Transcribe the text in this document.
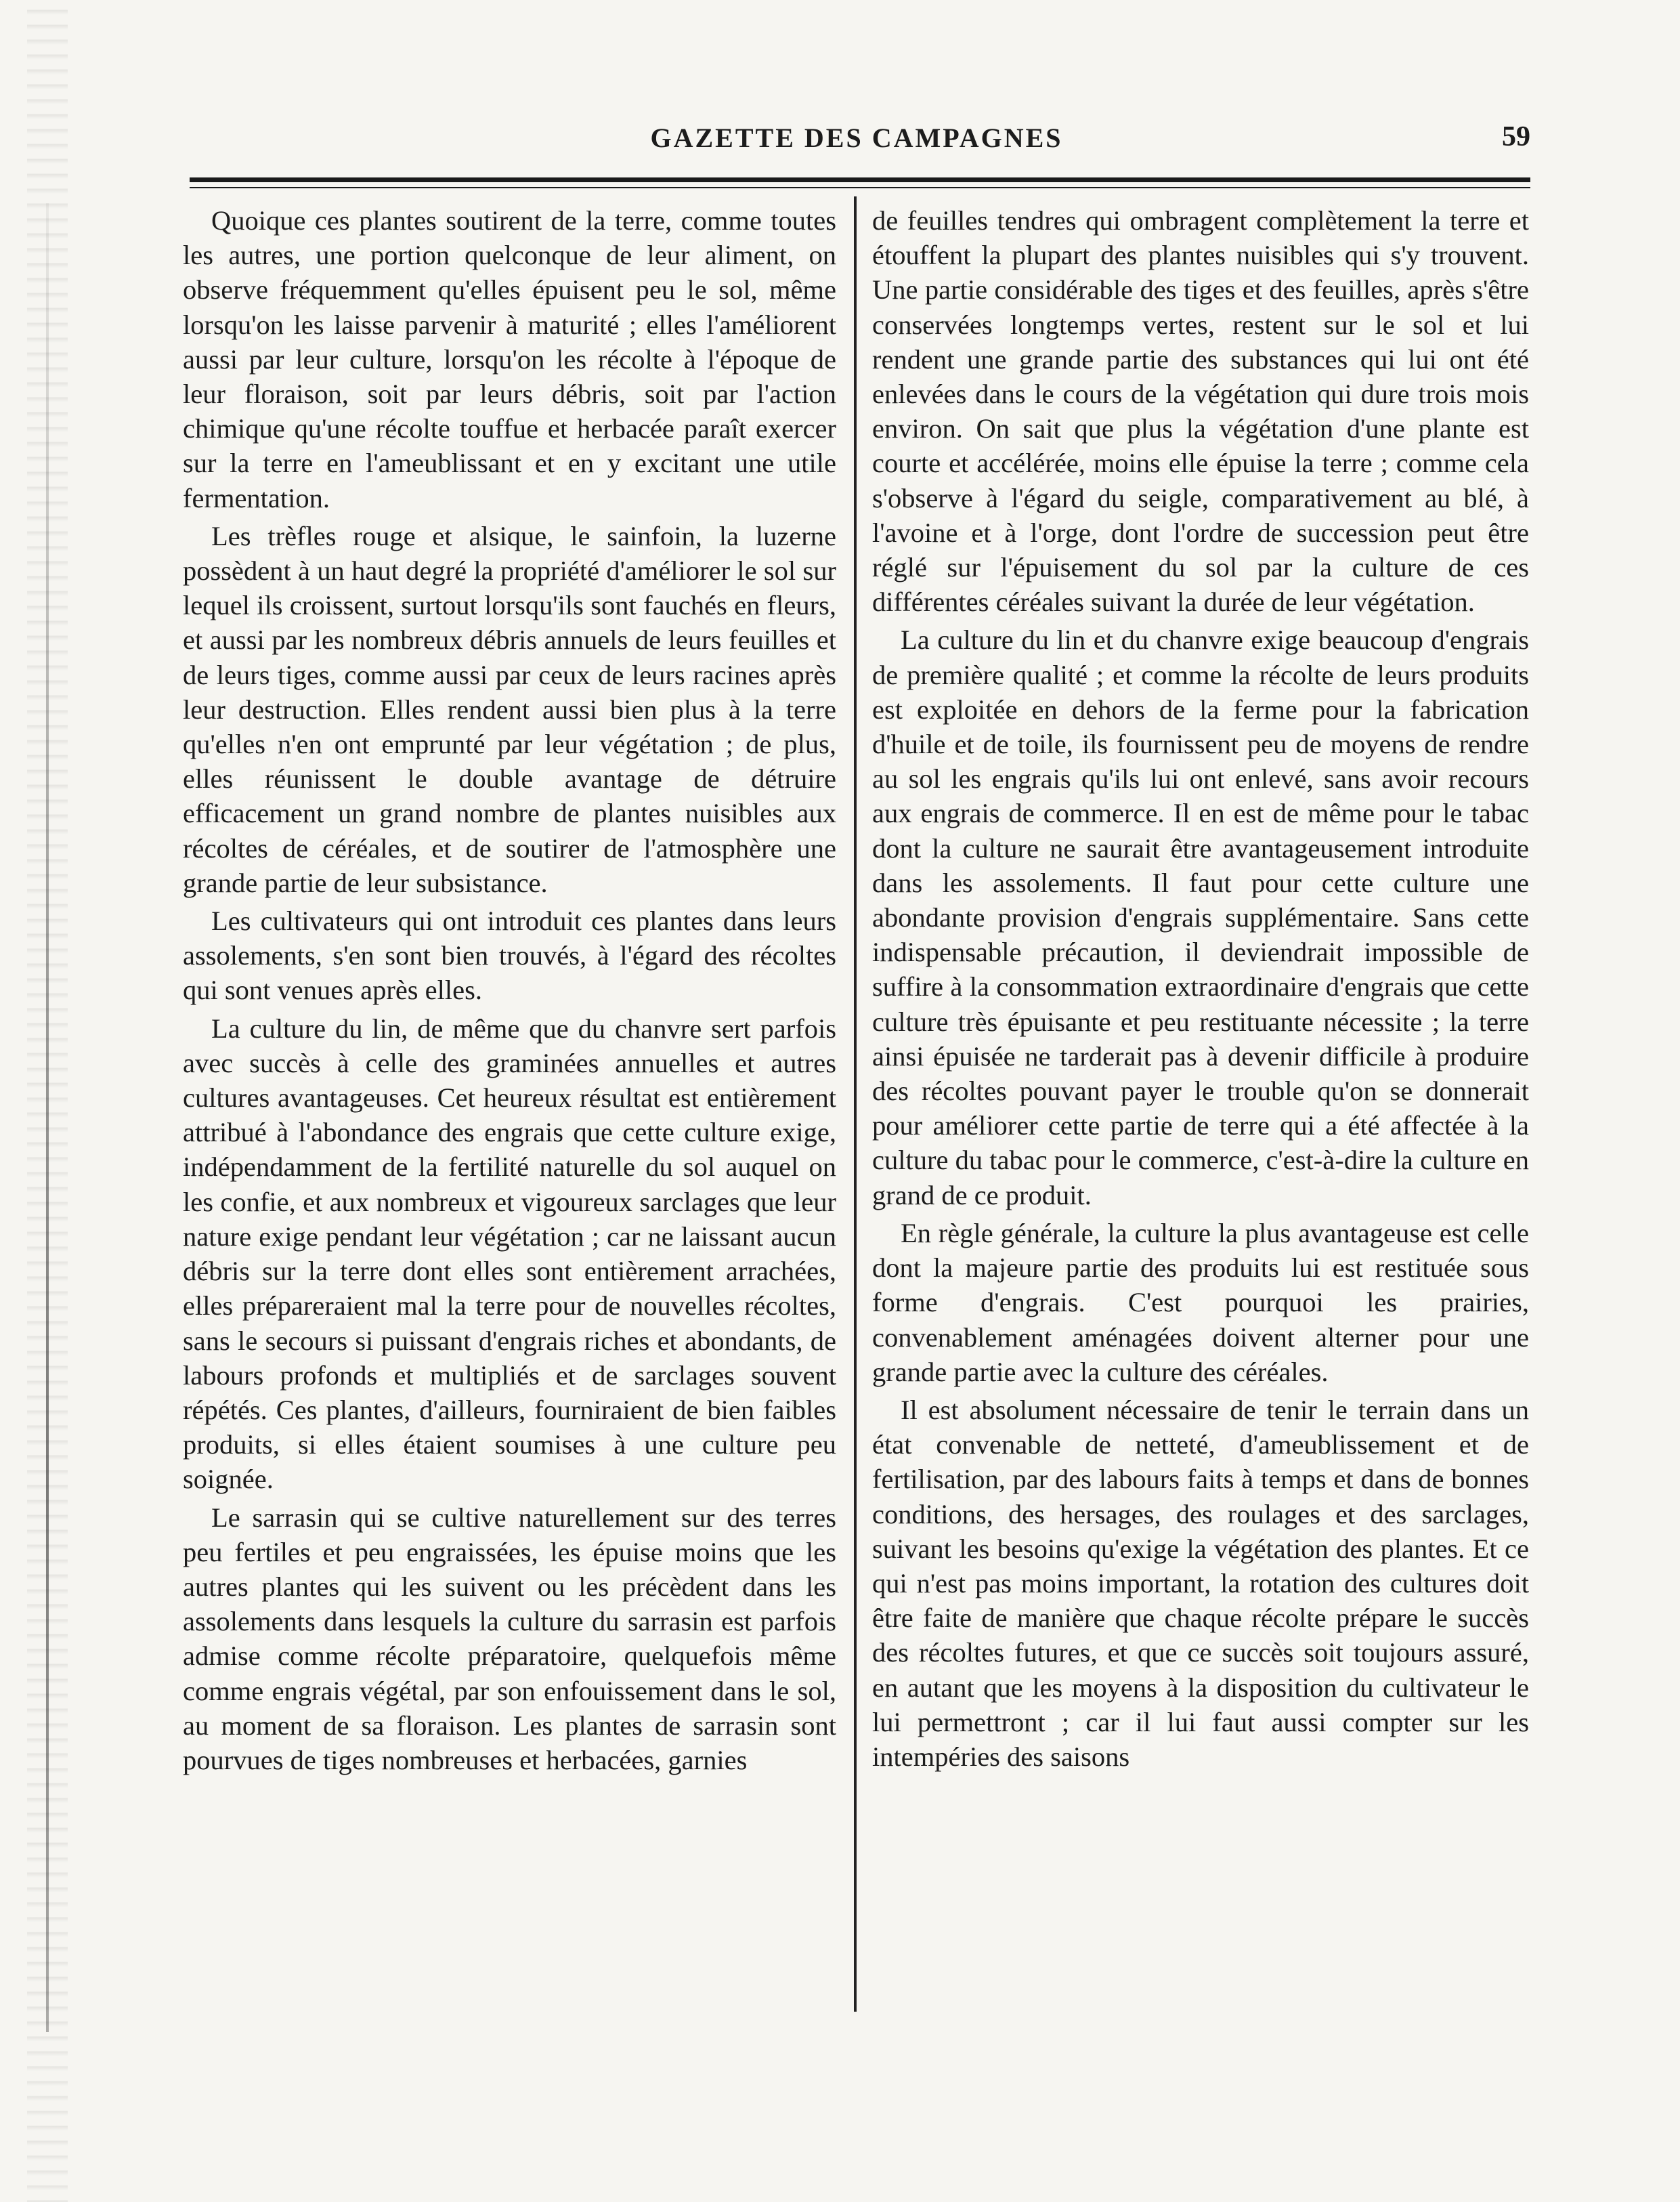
GAZETTE DES CAMPAGNES	59

Quoique ces plantes soutirent de la terre, comme toutes les autres, une portion quelconque de leur aliment, on observe fréquemment qu'elles épuisent peu le sol, même lorsqu'on les laisse parvenir à maturité ; elles l'améliorent aussi par leur culture, lorsqu'on les récolte à l'époque de leur floraison, soit par leurs débris, soit par l'action chimique qu'une récolte touffue et herbacée paraît exercer sur la terre en l'ameublissant et en y excitant une utile fermentation.

Les trèfles rouge et alsique, le sainfoin, la luzerne possèdent à un haut degré la propriété d'améliorer le sol sur lequel ils croissent, surtout lorsqu'ils sont fauchés en fleurs, et aussi par les nombreux débris annuels de leurs feuilles et de leurs tiges, comme aussi par ceux de leurs racines après leur destruction. Elles rendent aussi bien plus à la terre qu'elles n'en ont emprunté par leur végétation ; de plus, elles réunissent le double avantage de détruire efficacement un grand nombre de plantes nuisibles aux récoltes de céréales, et de soutirer de l'atmosphère une grande partie de leur subsistance.

Les cultivateurs qui ont introduit ces plantes dans leurs assolements, s'en sont bien trouvés, à l'égard des récoltes qui sont venues après elles.

La culture du lin, de même que du chanvre sert parfois avec succès à celle des graminées annuelles et autres cultures avantageuses. Cet heureux résultat est entièrement attribué à l'abondance des engrais que cette culture exige, indépendamment de la fertilité naturelle du sol auquel on les confie, et aux nombreux et vigoureux sarclages que leur nature exige pendant leur végétation ; car ne laissant aucun débris sur la terre dont elles sont entièrement arrachées, elles prépareraient mal la terre pour de nouvelles récoltes, sans le secours si puissant d'engrais riches et abondants, de labours profonds et multipliés et de sarclages souvent répétés. Ces plantes, d'ailleurs, fourniraient de bien faibles produits, si elles étaient soumises à une culture peu soignée.

Le sarrasin qui se cultive naturellement sur des terres peu fertiles et peu engraissées, les épuise moins que les autres plantes qui les suivent ou les précèdent dans les assolements dans lesquels la culture du sarrasin est parfois admise comme récolte préparatoire, quelquefois même comme engrais végétal, par son enfouissement dans le sol, au moment de sa floraison. Les plantes de sarrasin sont pourvues de tiges nombreuses et herbacées, garnies

de feuilles tendres qui ombragent complètement la terre et étouffent la plupart des plantes nuisibles qui s'y trouvent. Une partie considérable des tiges et des feuilles, après s'être conservées longtemps vertes, restent sur le sol et lui rendent une grande partie des substances qui lui ont été enlevées dans le cours de la végétation qui dure trois mois environ. On sait que plus la végétation d'une plante est courte et accélérée, moins elle épuise la terre ; comme cela s'observe à l'égard du seigle, comparativement au blé, à l'avoine et à l'orge, dont l'ordre de succession peut être réglé sur l'épuisement du sol par la culture de ces différentes céréales suivant la durée de leur végétation.

La culture du lin et du chanvre exige beaucoup d'engrais de première qualité ; et comme la récolte de leurs produits est exploitée en dehors de la ferme pour la fabrication d'huile et de toile, ils fournissent peu de moyens de rendre au sol les engrais qu'ils lui ont enlevé, sans avoir recours aux engrais de commerce. Il en est de même pour le tabac dont la culture ne saurait être avantageusement introduite dans les assolements. Il faut pour cette culture une abondante provision d'engrais supplémentaire. Sans cette indispensable précaution, il deviendrait impossible de suffire à la consommation extraordinaire d'engrais que cette culture très épuisante et peu restituante nécessite ; la terre ainsi épuisée ne tarderait pas à devenir difficile à produire des récoltes pouvant payer le trouble qu'on se donnerait pour améliorer cette partie de terre qui a été affectée à la culture du tabac pour le commerce, c'est-à-dire la culture en grand de ce produit.

En règle générale, la culture la plus avantageuse est celle dont la majeure partie des produits lui est restituée sous forme d'engrais. C'est pourquoi les prairies, convenablement aménagées doivent alterner pour une grande partie avec la culture des céréales.

Il est absolument nécessaire de tenir le terrain dans un état convenable de netteté, d'ameublissement et de fertilisation, par des labours faits à temps et dans de bonnes conditions, des hersages, des roulages et des sarclages, suivant les besoins qu'exige la végétation des plantes. Et ce qui n'est pas moins important, la rotation des cultures doit être faite de manière que chaque récolte prépare le succès des récoltes futures, et que ce succès soit toujours assuré, en autant que les moyens à la disposition du cultivateur le lui permettront ; car il lui faut aussi compter sur les intempéries des saisons
